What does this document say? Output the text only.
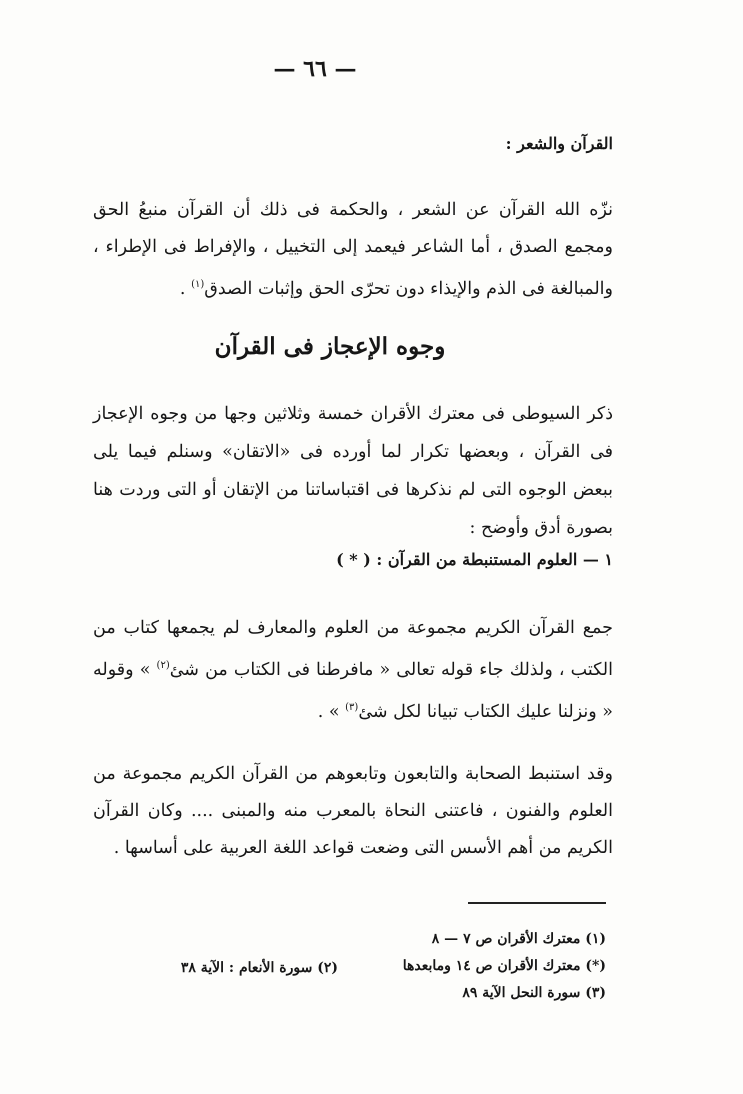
— ٦٦ —
القرآن والشعر :
نزّه الله القرآن عن الشعر ، والحكمة فى ذلك أن القرآن منبعُ الحق ومجمع الصدق ، أما الشاعر فيعمد إلى التخييل ، والإفراط فى الإطراء ، والمبالغة فى الذم والإيذاء دون تحرّى الحق وإثبات الصدق$^{(١)}$ .
وجوه الإعجاز فى القرآن
ذكر السيوطى فى معترك الأقران خمسة وثلاثين وجها من وجوه الإعجاز فى القرآن ، وبعضها تكرار لما أورده فى «الاتقان» وسنلم فيما يلى ببعض الوجوه التى لم نذكرها فى اقتباساتنا من الإتقان أو التى وردت هنا بصورة أدق وأوضح :
١ — العلوم المستنبطة من القرآن : ( * )
جمع القرآن الكريم مجموعة من العلوم والمعارف لم يجمعها كتاب من الكتب ، ولذلك جاء قوله تعالى « مافرطنا فى الكتاب من شئ$^{(٢)}$ » وقوله « ونزلنا عليك الكتاب تبيانا لكل شئ$^{(٣)}$ » .
وقد استنبط الصحابة والتابعون وتابعوهم من القرآن الكريم مجموعة من العلوم والفنون ، فاعتنى النحاة بالمعرب منه والمبنى .... وكان القرآن الكريم من أهم الأسس التى وضعت قواعد اللغة العربية على أساسها .
(١) معترك الأقران ص ٧ — ٨
(*) معترك الأقران ص ١٤ ومابعدها
(٣) سورة النحل الآية ٨٩
(٢) سورة الأنعام : الآية ٣٨
